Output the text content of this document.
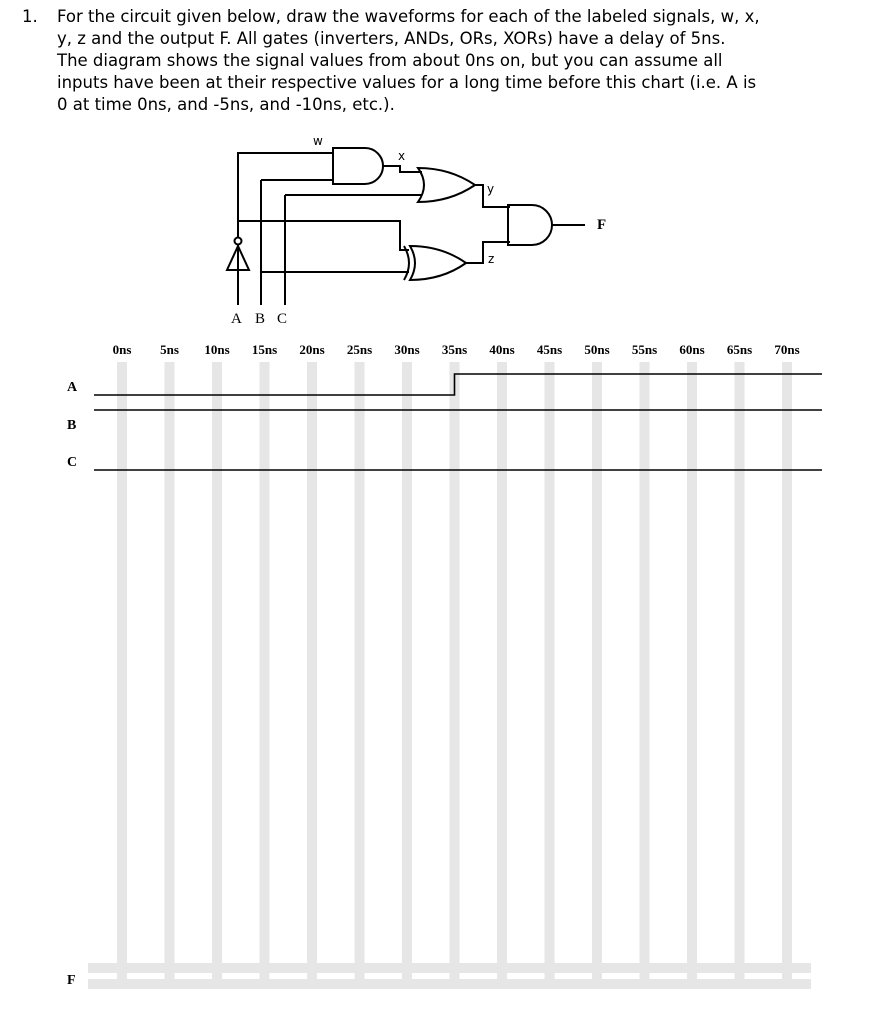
1. For the circuit given below, draw the waveforms for each of the labeled signals, w, x,
y, z and the output F. All gates (inverters, ANDs, ORs, XORs) have a delay of 5ns.
The diagram shows the signal values from about 0ns on, but you can assume all
inputs have been at their respective values for a long time before this chart (i.e. A is
0 at time 0ns, and -5ns, and -10ns, etc.).
w
x
y
z
F
A B C
0ns 5ns 10ns 15ns 20ns 25ns 30ns 35ns 40ns 45ns 50ns 55ns 60ns 65ns 70ns
A
B
C
F
